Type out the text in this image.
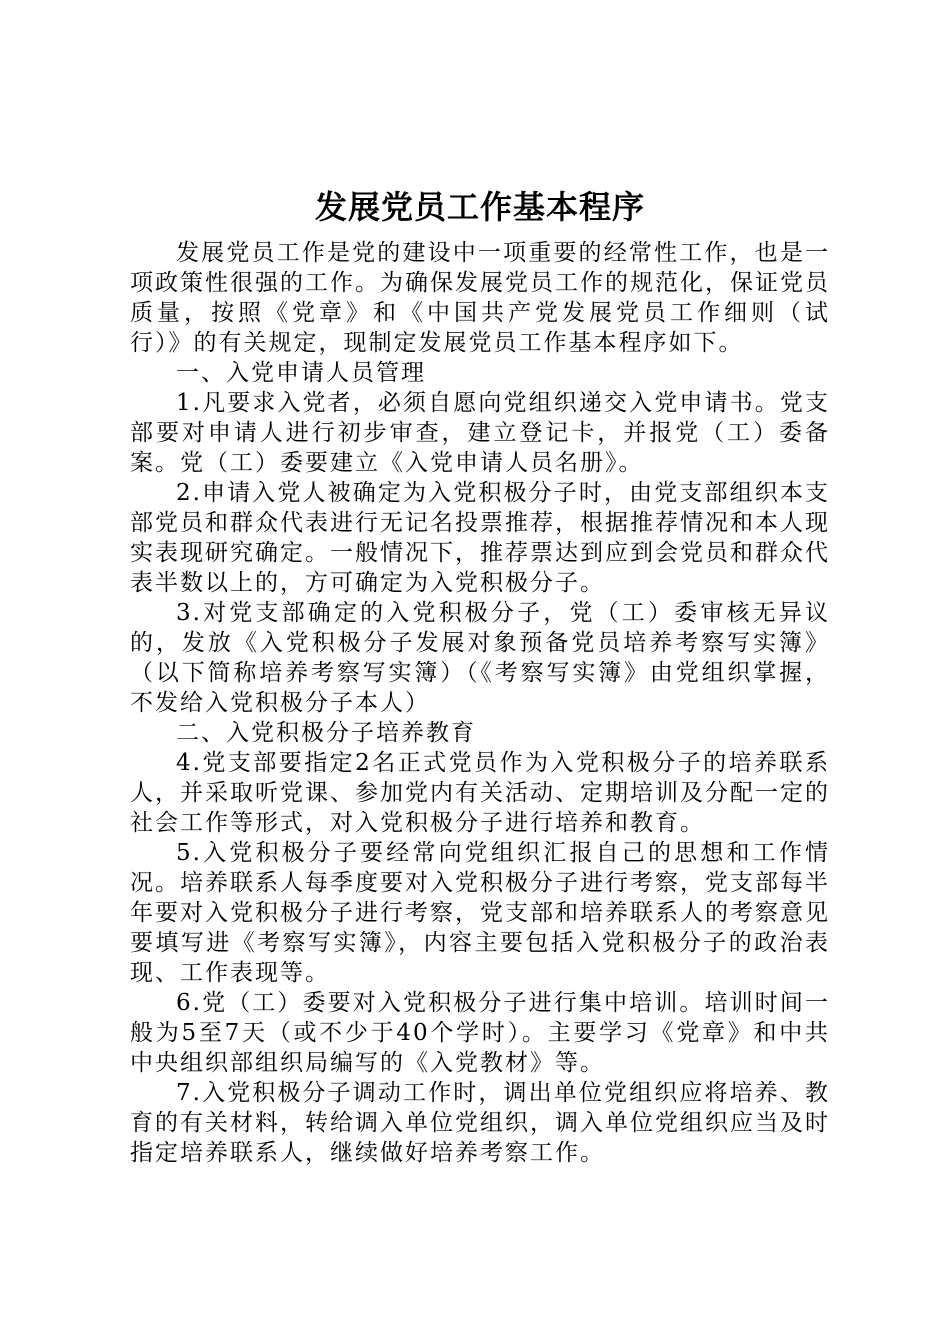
发展党员工作基本程序

发展党员工作是党的建设中一项重要的经常性工作，也是一项政策性很强的工作。为确保发展党员工作的规范化，保证党员质量，按照《党章》和《中国共产党发展党员工作细则（试行）》的有关规定，现制定发展党员工作基本程序如下。

一、入党申请人员管理

1.凡要求入党者，必须自愿向党组织递交入党申请书。党支部要对申请人进行初步审查，建立登记卡，并报党（工）委备案。党（工）委要建立《入党申请人员名册》。

2.申请入党人被确定为入党积极分子时，由党支部组织本支部党员和群众代表进行无记名投票推荐，根据推荐情况和本人现实表现研究确定。一般情况下，推荐票达到应到会党员和群众代表半数以上的，方可确定为入党积极分子。

3.对党支部确定的入党积极分子，党（工）委审核无异议的，发放《入党积极分子发展对象预备党员培养考察写实簿》（以下简称培养考察写实簿）（《考察写实簿》由党组织掌握，不发给入党积极分子本人）

二、入党积极分子培养教育

4.党支部要指定2名正式党员作为入党积极分子的培养联系人，并采取听党课、参加党内有关活动、定期培训及分配一定的社会工作等形式，对入党积极分子进行培养和教育。

5.入党积极分子要经常向党组织汇报自己的思想和工作情况。培养联系人每季度要对入党积极分子进行考察，党支部每半年要对入党积极分子进行考察，党支部和培养联系人的考察意见要填写进《考察写实簿》，内容主要包括入党积极分子的政治表现、工作表现等。

6.党（工）委要对入党积极分子进行集中培训。培训时间一般为5至7天（或不少于40个学时）。主要学习《党章》和中共中央组织部组织局编写的《入党教材》等。

7.入党积极分子调动工作时，调出单位党组织应将培养、教育的有关材料，转给调入单位党组织，调入单位党组织应当及时指定培养联系人，继续做好培养考察工作。
